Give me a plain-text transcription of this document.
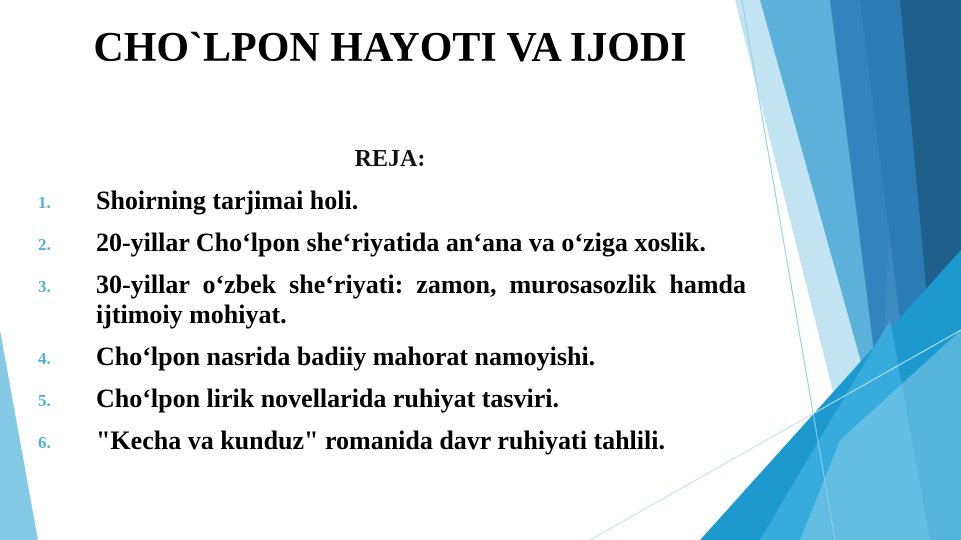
CHO`LPON HAYOTI VA IJODI
REJA:
1. Shoirning tarjimai holi.
2. 20-yillar Cho‘lpon she‘riyatida an‘ana va o‘ziga xoslik.
3. 30-yillar o‘zbek she‘riyati: zamon, murosasozlik hamda ijtimoiy mohiyat.
4. Cho‘lpon nasrida badiiy mahorat namoyishi.
5. Cho‘lpon lirik novellarida ruhiyat tasviri.
6. "Kecha va kunduz" romanida davr ruhiyati tahlili.
